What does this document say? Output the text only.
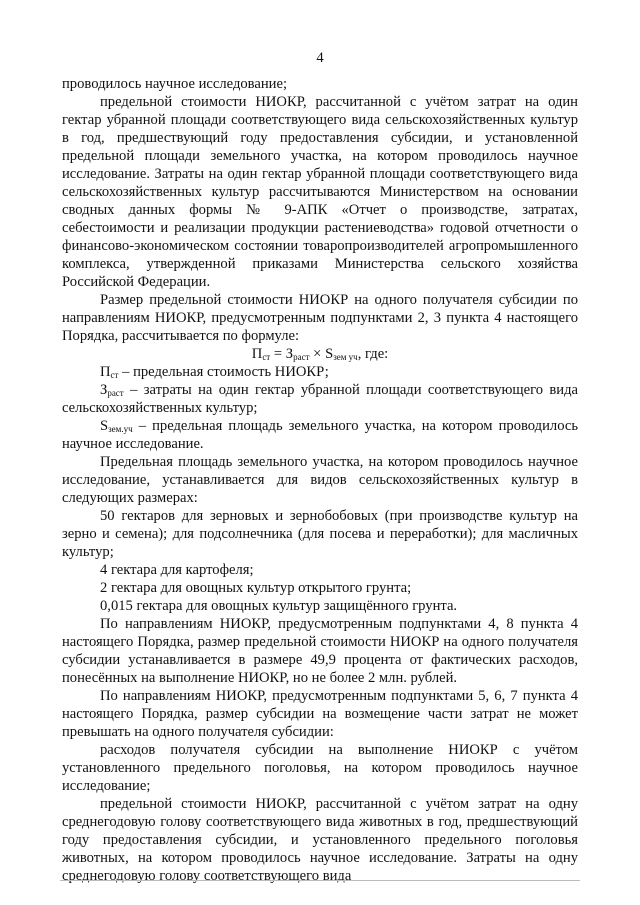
4

проводилось научное исследование;

предельной стоимости НИОКР, рассчитанной с учётом затрат на один гектар убранной площади соответствующего вида сельскохозяйственных культур в год, предшествующий году предоставления субсидии, и установленной предельной площади земельного участка, на котором проводилось научное исследование. Затраты на один гектар убранной площади соответствующего вида сельскохозяйственных культур рассчитываются Министерством на основании сводных данных формы № 9-АПК «Отчет о производстве, затратах, себестоимости и реализации продукции растениеводства» годовой отчетности о финансово-экономическом состоянии товаропроизводителей агропромышленного комплекса, утвержденной приказами Министерства сельского хозяйства Российской Федерации.

Размер предельной стоимости НИОКР на одного получателя субсидии по направлениям НИОКР, предусмотренным подпунктами 2, 3 пункта 4 настоящего Порядка, рассчитывается по формуле:

$П_{ст} = З_{раст} \times S_{зем уч}$, где:

$П_{ст}$ – предельная стоимость НИОКР;

$З_{раст}$ – затраты на один гектар убранной площади соответствующего вида сельскохозяйственных культур;

$S_{зем.уч}$ – предельная площадь земельного участка, на котором проводилось научное исследование.

Предельная площадь земельного участка, на котором проводилось научное исследование, устанавливается для видов сельскохозяйственных культур в следующих размерах:

50 гектаров для зерновых и зернобобовых (при производстве культур на зерно и семена); для подсолнечника (для посева и переработки); для масличных культур;

4 гектара для картофеля;

2 гектара для овощных культур открытого грунта;

0,015 гектара для овощных культур защищённого грунта.

По направлениям НИОКР, предусмотренным подпунктами 4, 8 пункта 4 настоящего Порядка, размер предельной стоимости НИОКР на одного получателя субсидии устанавливается в размере 49,9 процента от фактических расходов, понесённых на выполнение НИОКР, но не более 2 млн. рублей.

По направлениям НИОКР, предусмотренным подпунктами 5, 6, 7 пункта 4 настоящего Порядка, размер субсидии на возмещение части затрат не может превышать на одного получателя субсидии:

расходов получателя субсидии на выполнение НИОКР с учётом установленного предельного поголовья, на котором проводилось научное исследование;

предельной стоимости НИОКР, рассчитанной с учётом затрат на одну среднегодовую голову соответствующего вида животных в год, предшествующий году предоставления субсидии, и установленного предельного поголовья животных, на котором проводилось научное исследование. Затраты на одну среднегодовую голову соответствующего вида
